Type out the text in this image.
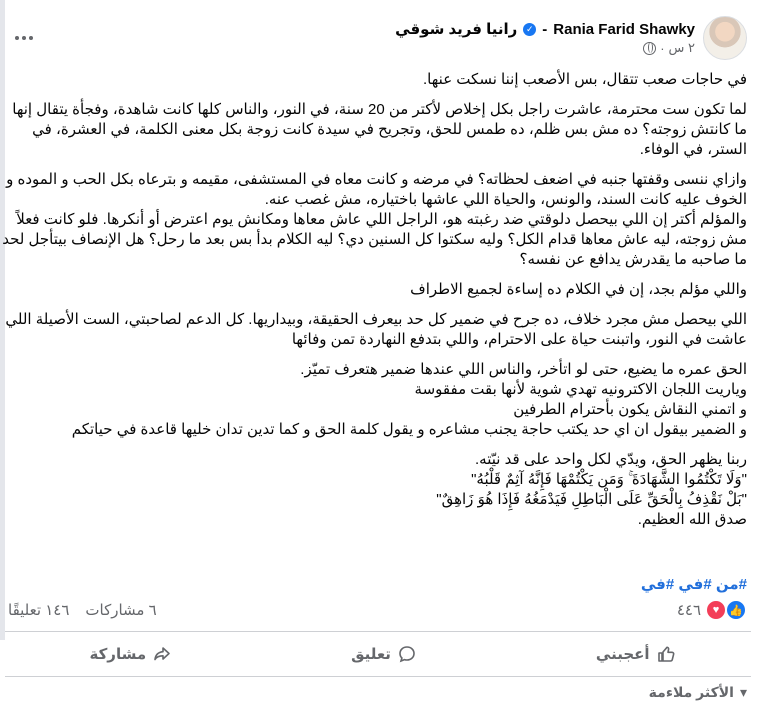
رانيا فريد شوقي ✓ - Rania Farid Shawky
٢ س
·

في حاجات صعب تتقال، بس الأصعب إننا نسكت عنها.

لما تكون ست محترمة، عاشرت راجل بكل إخلاص لأكتر من 20 سنة، في النور، والناس كلها كانت شاهدة، وفجأة يتقال إنها ما كانتش زوجته؟ ده مش بس ظلم، ده طمس للحق، وتجريح في سيدة كانت زوجة بكل معنى الكلمة، في العشرة، في الستر، في الوفاء.

وازاي ننسى وقفتها جنبه في اضعف لحظاته؟ في مرضه و كانت معاه في المستشفى، مقيمه و بترعاه بكل الحب و الموده و الخوف عليه كانت السند، والونس، والحياة اللي عاشها باختياره، مش غصب عنه.
والمؤلم أكتر إن اللي بيحصل دلوقتي ضد رغبته هو، الراجل اللي عاش معاها ومكانش يوم اعترض أو أنكرها. فلو كانت فعلاً مش زوجته، ليه عاش معاها قدام الكل؟ وليه سكتوا كل السنين دي؟ ليه الكلام بدأ بس بعد ما رحل؟ هل الإنصاف بيتأجل لحد ما صاحبه ما يقدرش يدافع عن نفسه؟

واللي مؤلم بجد، إن في الكلام ده إساءة لجميع الاطراف

اللي بيحصل مش مجرد خلاف، ده جرح في ضمير كل حد بيعرف الحقيقة، وبيداريها. كل الدعم لصاحبتي، الست الأصيلة اللي عاشت في النور، واتبنت حياة على الاحترام، واللي بتدفع النهاردة تمن وفائها

الحق عمره ما يضيع، حتى لو اتأخر، والناس اللي عندها ضمير هتعرف تميّز.
وياريت اللجان الاكترونيه تهدي شوية لأنها بقت مفقوسة
و اتمني النقاش يكون بأحترام الطرفين
و الضمير بيقول ان اي حد يكتب حاجة يجنب مشاعره و يقول كلمة الحق و كما تدين تدان خليها قاعدة في حياتكم

ربنا يظهر الحق، ويدّي لكل واحد على قد نيّته.
"وَلَا تَكْتُمُوا الشَّهَادَةَ ۚ وَمَن يَكْتُمْهَا فَإِنَّهُ آثِمٌ قَلْبُهُ"
"بَلْ نَقْذِفُ بِالْحَقِّ عَلَى الْبَاطِلِ فَيَدْمَغُهُ فَإِذَا هُوَ زَاهِقٌ"
صدق الله العظيم.

#من #في #في
٦ مشاركات
١٤٦ تعليقًا	٤٤٦	♥ 👍
أعجبني
تعليق
مشاركة
الأكثر ملاءمة ▾
